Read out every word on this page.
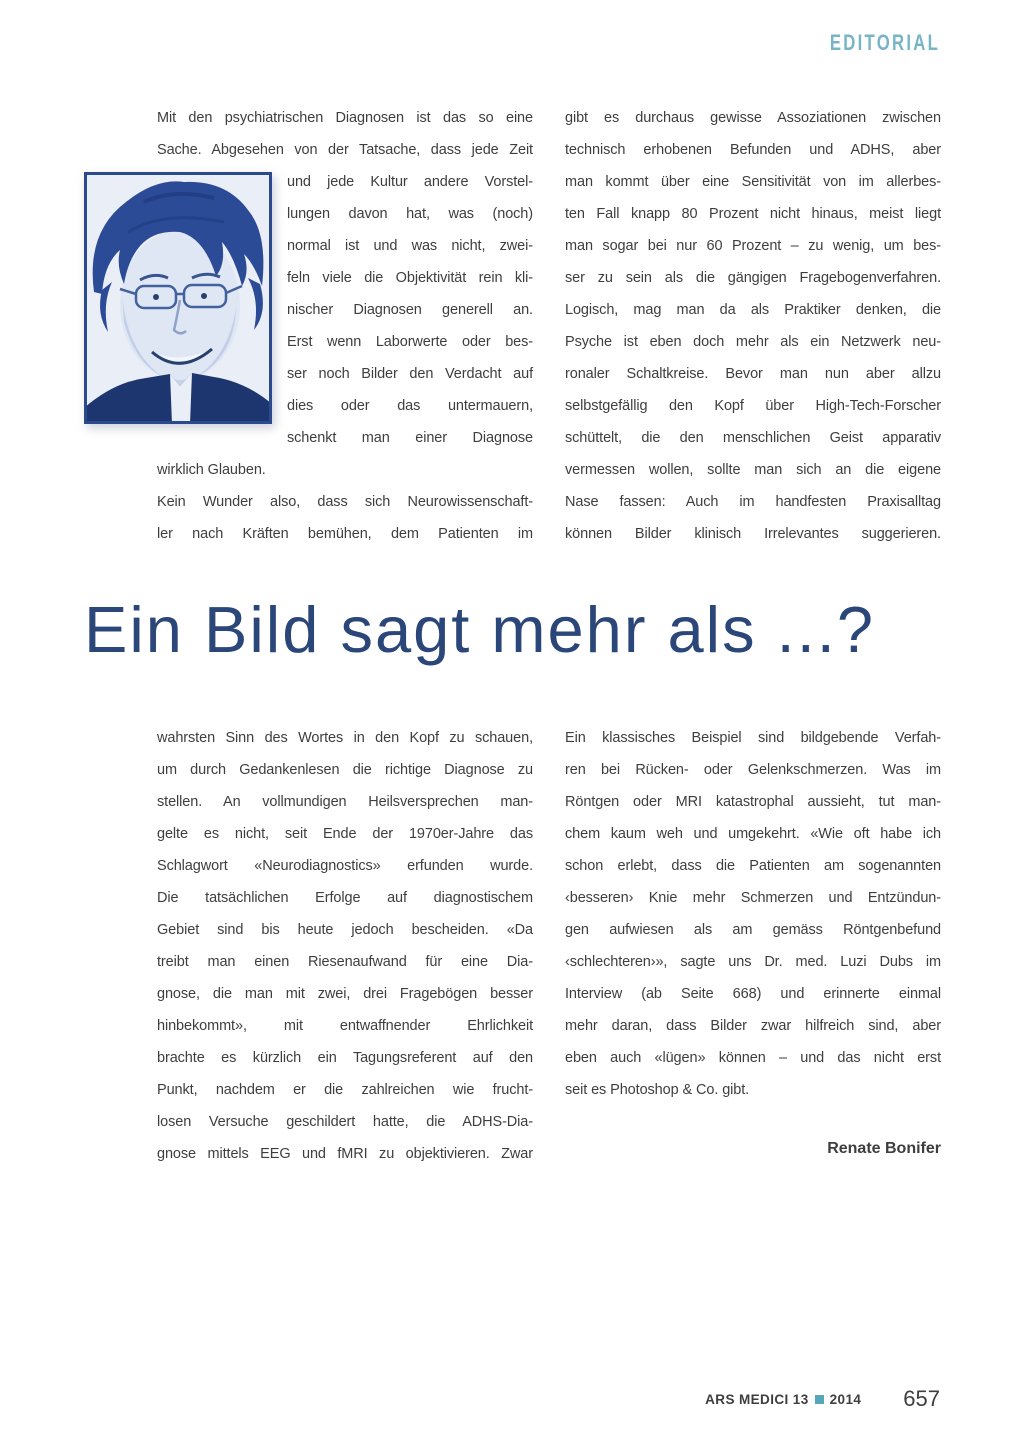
EDITORIAL
Mit den psychiatrischen Diagnosen ist das so eine
Sache. Abgesehen von der Tatsache, dass jede Zeit
und jede Kultur andere Vorstel-
lungen davon hat, was (noch)
normal ist und was nicht, zwei-
feln viele die Objektivität rein kli-
nischer Diagnosen generell an.
Erst wenn Laborwerte oder bes-
ser noch Bilder den Verdacht auf
dies oder das untermauern,
schenkt man einer Diagnose
wirklich Glauben.
Kein Wunder also, dass sich Neurowissenschaft-
ler nach Kräften bemühen, dem Patienten im
gibt es durchaus gewisse Assoziationen zwischen
technisch erhobenen Befunden und ADHS, aber
man kommt über eine Sensitivität von im allerbes-
ten Fall knapp 80 Prozent nicht hinaus, meist liegt
man sogar bei nur 60 Prozent – zu wenig, um bes-
ser zu sein als die gängigen Fragebogenverfahren.
Logisch, mag man da als Praktiker denken, die
Psyche ist eben doch mehr als ein Netzwerk neu-
ronaler Schaltkreise. Bevor man nun aber allzu
selbstgefällig den Kopf über High-Tech-Forscher
schüttelt, die den menschlichen Geist apparativ
vermessen wollen, sollte man sich an die eigene
Nase fassen: Auch im handfesten Praxisalltag
können Bilder klinisch Irrelevantes suggerieren.
Ein Bild sagt mehr als ...?
wahrsten Sinn des Wortes in den Kopf zu schauen,
um durch Gedankenlesen die richtige Diagnose zu
stellen. An vollmundigen Heilsversprechen man-
gelte es nicht, seit Ende der 1970er-Jahre das
Schlagwort «Neurodiagnostics» erfunden wurde.
Die tatsächlichen Erfolge auf diagnostischem
Gebiet sind bis heute jedoch bescheiden. «Da
treibt man einen Riesenaufwand für eine Dia-
gnose, die man mit zwei, drei Fragebögen besser
hinbekommt», mit entwaffnender Ehrlichkeit
brachte es kürzlich ein Tagungsreferent auf den
Punkt, nachdem er die zahlreichen wie frucht-
losen Versuche geschildert hatte, die ADHS-Dia-
gnose mittels EEG und fMRI zu objektivieren. Zwar
Ein klassisches Beispiel sind bildgebende Verfah-
ren bei Rücken- oder Gelenkschmerzen. Was im
Röntgen oder MRI katastrophal aussieht, tut man-
chem kaum weh und umgekehrt. «Wie oft habe ich
schon erlebt, dass die Patienten am sogenannten
‹besseren› Knie mehr Schmerzen und Entzündun-
gen aufwiesen als am gemäss Röntgenbefund
‹schlechteren›», sagte uns Dr. med. Luzi Dubs im
Interview (ab Seite 668) und erinnerte einmal
mehr daran, dass Bilder zwar hilfreich sind, aber
eben auch «lügen» können – und das nicht erst
seit es Photoshop & Co. gibt.
Renate Bonifer
ARS MEDICI 13 2014 657
